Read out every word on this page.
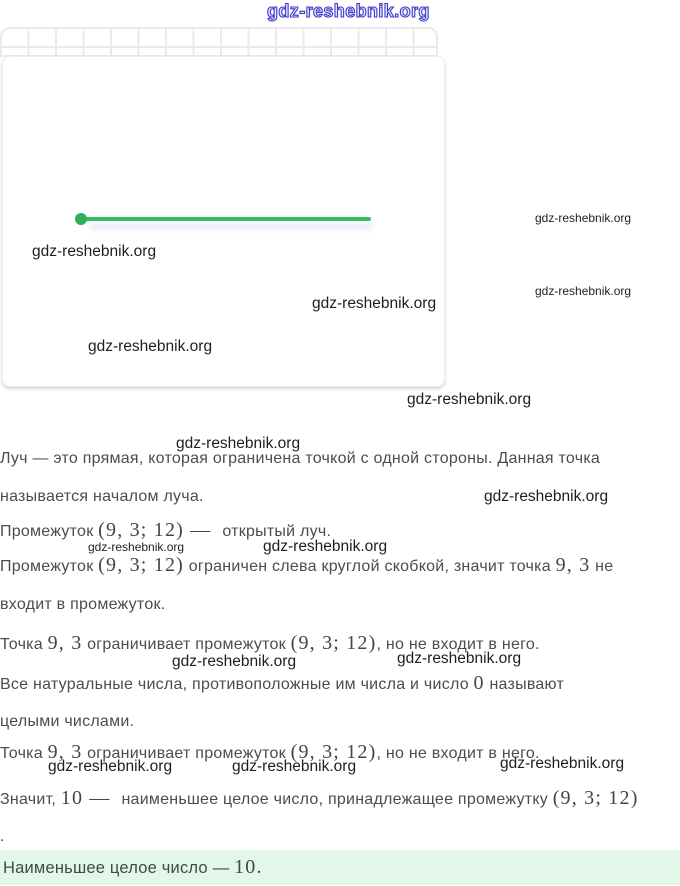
gdz-reshebnik.org
gdz-reshebnik.org
gdz-reshebnik.org
gdz-reshebnik.org
gdz-reshebnik.org
gdz-reshebnik.org
gdz-reshebnik.org
gdz-reshebnik.org
gdz-reshebnik.org
gdz-reshebnik.org	gdz-reshebnik.org
gdz-reshebnik.org	gdz-reshebnik.org
gdz-reshebnik.org	gdz-reshebnik.org	gdz-reshebnik.org
Луч — это прямая, которая ограничена точкой с одной стороны. Данная точка
называется началом луча.
Промежуток (9, 3; 12) —  открытый луч.
Промежуток (9, 3; 12) ограничен слева круглой скобкой, значит точка 9, 3 не
входит в промежуток.
Точка 9, 3 ограничивает промежуток (9, 3; 12), но не входит в него.
Все натуральные числа, противоположные им числа и число 0 называют
целыми числами.
Точка 9, 3 ограничивает промежуток (9, 3; 12), но не входит в него.
Значит, 10 —  наименьшее целое число, принадлежащее промежутку (9, 3; 12)
.
Наименьшее целое число — 10.
